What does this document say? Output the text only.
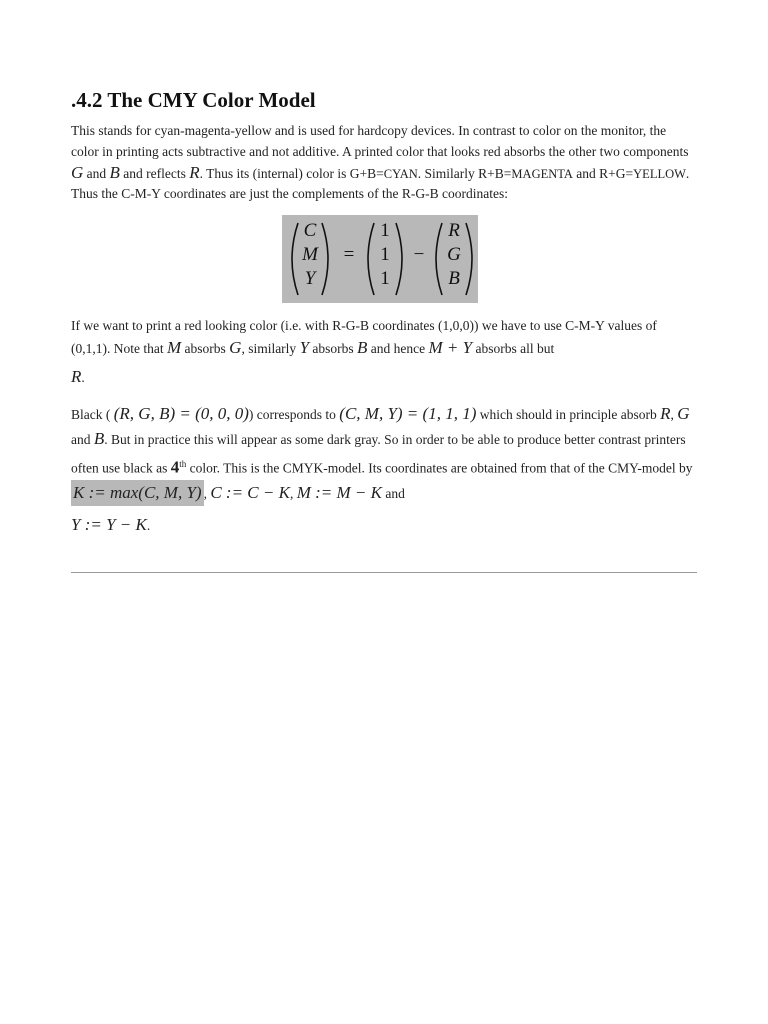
.4.2 The CMY Color Model

This stands for cyan-magenta-yellow and is used for hardcopy devices. In contrast to color on the monitor, the color in printing acts subtractive and not additive. A printed color that looks red absorbs the other two components G and B and reflects R. Thus its (internal) color is G+B=CYAN. Similarly R+B=MAGENTA and R+G=YELLOW. Thus the C-M-Y coordinates are just the complements of the R-G-B coordinates:

C
M
Y
=
1
1
1
−
R
G
B

If we want to print a red looking color (i.e. with R-G-B coordinates (1,0,0)) we have to use C-M-Y values of (0,1,1). Note that M absorbs G, similarly Y absorbs B and hence M + Y absorbs all but
R.

Black ( (R, G, B) = (0, 0, 0)) corresponds to (C, M, Y) = (1, 1, 1) which should in principle absorb R, G and B. But in practice this will appear as some dark gray. So in order to be able to produce better contrast printers often use black as 4th color. This is the CMYK-model. Its coordinates are obtained from that of the CMY-model by K := max(C, M, Y) , C := C − K, M := M − K and

Y := Y − K.
